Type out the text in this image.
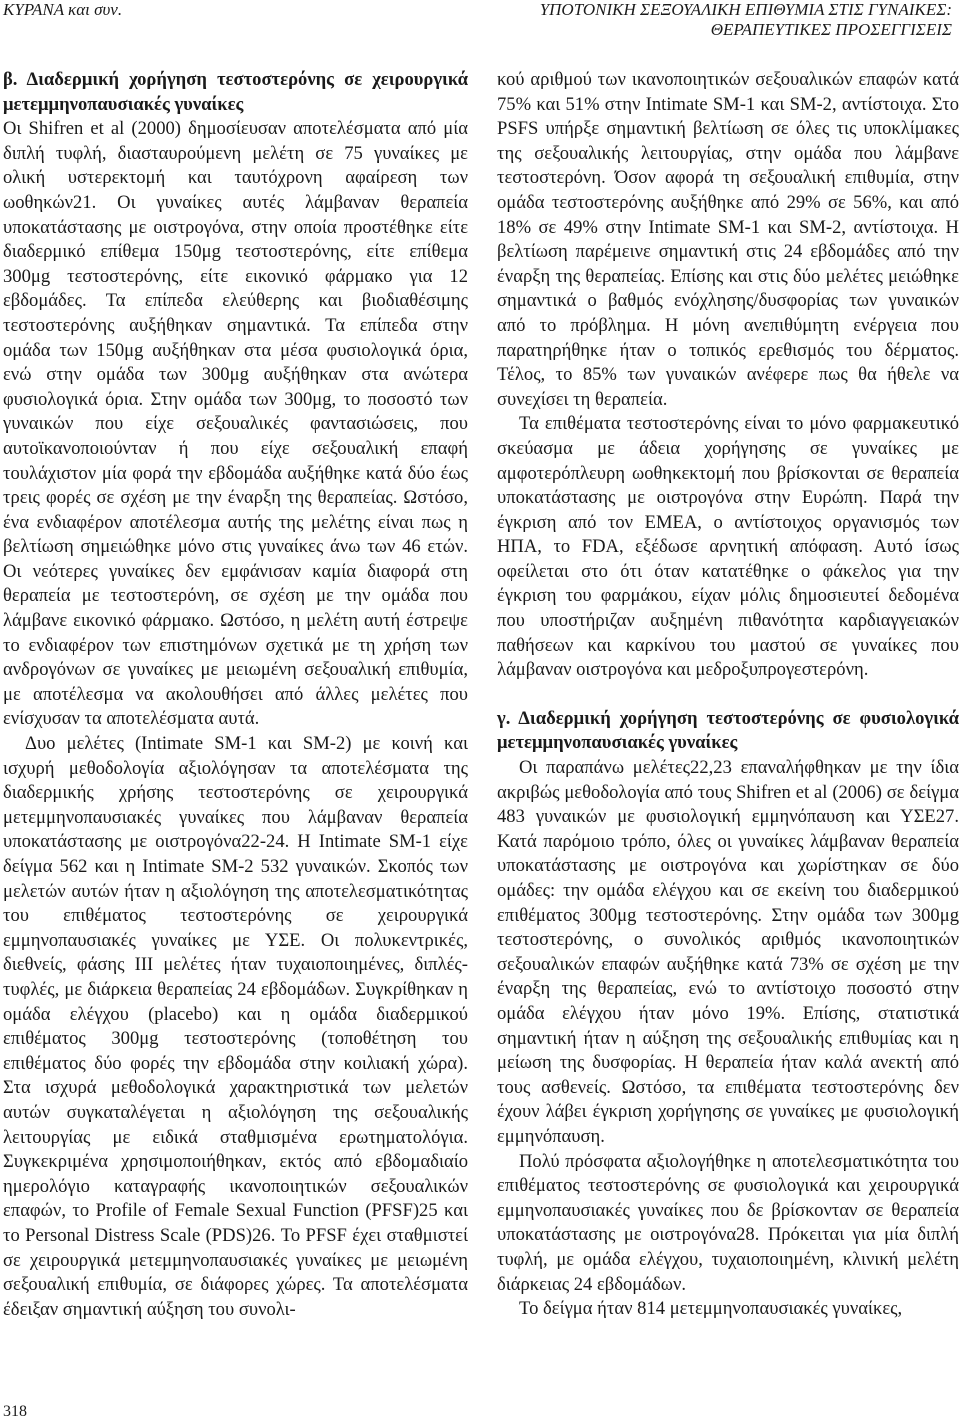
ΚΥΡΑΝΑ και συν.	ΥΠΟΤΟΝΙΚΗ ΣΕΞΟΥΑΛΙΚΗ ΕΠΙΘΥΜΙΑ ΣΤΙΣ ΓΥΝΑΙΚΕΣ:
ΘΕΡΑΠΕΥΤΙΚΕΣ ΠΡΟΣΕΓΓΙΣΕΙΣ

β. Διαδερμική χορήγηση τεστοστερόνης σε χειρουργικά μετεμμηνοπαυσιακές γυναίκες

Οι Shifren et al (2000) δημοσίευσαν αποτελέσματα από μία διπλή τυφλή, διασταυρούμενη μελέτη σε 75 γυναίκες με ολική υστερεκτομή και ταυτόχρονη αφαίρεση των ωοθηκών21. Οι γυναίκες αυτές λάμβαναν θεραπεία υποκατάστασης με οιστρογόνα, στην οποία προστέθηκε είτε διαδερμικό επίθεμα 150μg τεστοστερόνης, είτε επίθεμα 300μg τεστοστερόνης, είτε εικονικό φάρμακο για 12 εβδομάδες. Τα επίπεδα ελεύθερης και βιοδιαθέσιμης τεστοστερόνης αυξήθηκαν σημαντικά. Τα επίπεδα στην ομάδα των 150μg αυξήθηκαν στα μέσα φυσιολογικά όρια, ενώ στην ομάδα των 300μg αυξήθηκαν στα ανώτερα φυσιολογικά όρια. Στην ομάδα των 300μg, το ποσοστό των γυναικών που είχε σεξουαλικές φαντασιώσεις, που αυτοϊκανοποιούνταν ή που είχε σεξουαλική επαφή τουλάχιστον μία φορά την εβδομάδα αυξήθηκε κατά δύο έως τρεις φορές σε σχέση με την έναρξη της θεραπείας. Ωστόσο, ένα ενδιαφέρον αποτέλεσμα αυτής της μελέτης είναι πως η βελτίωση σημειώθηκε μόνο στις γυναίκες άνω των 46 ετών. Οι νεότερες γυναίκες δεν εμφάνισαν καμία διαφορά στη θεραπεία με τεστοστερόνη, σε σχέση με την ομάδα που λάμβανε εικονικό φάρμακο. Ωστόσο, η μελέτη αυτή έστρεψε το ενδιαφέρον των επιστημόνων σχετικά με τη χρήση των ανδρογόνων σε γυναίκες με μειωμένη σεξουαλική επιθυμία, με αποτέλεσμα να ακολουθήσει από άλλες μελέτες που ενίσχυσαν τα αποτελέσματα αυτά.

Δυο μελέτες (Intimate SM-1 και SM-2) με κοινή και ισχυρή μεθοδολογία αξιολόγησαν τα αποτελέσματα της διαδερμικής χρήσης τεστοστερόνης σε χειρουργικά μετεμμηνοπαυσιακές γυναίκες που λάμβαναν θεραπεία υποκατάστασης με οιστρογόνα22-24. Η Intimate SM-1 είχε δείγμα 562 και η Intimate SM-2 532 γυναικών. Σκοπός των μελετών αυτών ήταν η αξιολόγηση της αποτελεσματικότητας του επιθέματος τεστοστερόνης σε χειρουργικά εμμηνοπαυσιακές γυναίκες με ΥΣΕ. Οι πολυκεντρικές, διεθνείς, φάσης ΙΙΙ μελέτες ήταν τυχαιοποιημένες, διπλές-τυφλές, με διάρκεια θεραπείας 24 εβδομάδων. Συγκρίθηκαν η ομάδα ελέγχου (placebo) και η ομάδα διαδερμικού επιθέματος 300μg τεστοστερόνης (τοποθέτηση του επιθέματος δύο φορές την εβδομάδα στην κοιλιακή χώρα). Στα ισχυρά μεθοδολογικά χαρακτηριστικά των μελετών αυτών συγκαταλέγεται η αξιολόγηση της σεξουαλικής λειτουργίας με ειδικά σταθμισμένα ερωτηματολόγια. Συγκεκριμένα χρησιμοποιήθηκαν, εκτός από εβδομαδιαίο ημερολόγιο καταγραφής ικανοποιητικών σεξουαλικών επαφών, το Profile of Female Sexual Function (PFSF)25 και το Personal Distress Scale (PDS)26. Το PFSF έχει σταθμιστεί σε χειρουργικά μετεμμηνοπαυσιακές γυναίκες με μειωμένη σεξουαλική επιθυμία, σε διάφορες χώρες. Τα αποτελέσματα έδειξαν σημαντική αύξηση του συνολι-

κού αριθμού των ικανοποιητικών σεξουαλικών επαφών κατά 75% και 51% στην Intimate SM-1 και SM-2, αντίστοιχα. Στο PSFS υπήρξε σημαντική βελτίωση σε όλες τις υποκλίμακες της σεξουαλικής λειτουργίας, στην ομάδα που λάμβανε τεστοστερόνη. Όσον αφορά τη σεξουαλική επιθυμία, στην ομάδα τεστοστερόνης αυξήθηκε από 29% σε 56%, και από 18% σε 49% στην Intimate SM-1 και SM-2, αντίστοιχα. Η βελτίωση παρέμεινε σημαντική στις 24 εβδομάδες από την έναρξη της θεραπείας. Επίσης και στις δύο μελέτες μειώθηκε σημαντικά ο βαθμός ενόχλησης/δυσφορίας των γυναικών από το πρόβλημα. Η μόνη ανεπιθύμητη ενέργεια που παρατηρήθηκε ήταν ο τοπικός ερεθισμός του δέρματος. Τέλος, το 85% των γυναικών ανέφερε πως θα ήθελε να συνεχίσει τη θεραπεία.

Τα επιθέματα τεστοστερόνης είναι το μόνο φαρμακευτικό σκεύασμα με άδεια χορήγησης σε γυναίκες με αμφοτερόπλευρη ωοθηκεκτομή που βρίσκονται σε θεραπεία υποκατάστασης με οιστρογόνα στην Ευρώπη. Παρά την έγκριση από τον ΕΜΕΑ, ο αντίστοιχος οργανισμός των ΗΠΑ, το FDA, εξέδωσε αρνητική απόφαση. Αυτό ίσως οφείλεται στο ότι όταν κατατέθηκε ο φάκελος για την έγκριση του φαρμάκου, είχαν μόλις δημοσιευτεί δεδομένα που υποστήριζαν αυξημένη πιθανότητα καρδιαγγειακών παθήσεων και καρκίνου του μαστού σε γυναίκες που λάμβαναν οιστρογόνα και μεδροξυπρογεστερόνη.

γ. Διαδερμική χορήγηση τεστοστερόνης σε φυσιολογικά μετεμμηνοπαυσιακές γυναίκες

Οι παραπάνω μελέτες22,23 επαναλήφθηκαν με την ίδια ακριβώς μεθοδολογία από τους Shifren et al (2006) σε δείγμα 483 γυναικών με φυσιολογική εμμηνόπαυση και ΥΣΕ27. Κατά παρόμοιο τρόπο, όλες οι γυναίκες λάμβαναν θεραπεία υποκατάστασης με οιστρογόνα και χωρίστηκαν σε δύο ομάδες: την ομάδα ελέγχου και σε εκείνη του διαδερμικού επιθέματος 300μg τεστοστερόνης. Στην ομάδα των 300μg τεστοστερόνης, ο συνολικός αριθμός ικανοποιητικών σεξουαλικών επαφών αυξήθηκε κατά 73% σε σχέση με την έναρξη της θεραπείας, ενώ το αντίστοιχο ποσοστό στην ομάδα ελέγχου ήταν μόνο 19%. Επίσης, στατιστικά σημαντική ήταν η αύξηση της σεξουαλικής επιθυμίας και η μείωση της δυσφορίας. Η θεραπεία ήταν καλά ανεκτή από τους ασθενείς. Ωστόσο, τα επιθέματα τεστοστερόνης δεν έχουν λάβει έγκριση χορήγησης σε γυναίκες με φυσιολογική εμμηνόπαυση.

Πολύ πρόσφατα αξιολογήθηκε η αποτελεσματικότητα του επιθέματος τεστοστερόνης σε φυσιολογικά και χειρουργικά εμμηνοπαυσιακές γυναίκες που δε βρίσκονταν σε θεραπεία υποκατάστασης με οιστρογόνα28. Πρόκειται για μία διπλή τυφλή, με ομάδα ελέγχου, τυχαιοποιημένη, κλινική μελέτη διάρκειας 24 εβδομάδων.

Το δείγμα ήταν 814 μετεμμηνοπαυσιακές γυναίκες,

318
